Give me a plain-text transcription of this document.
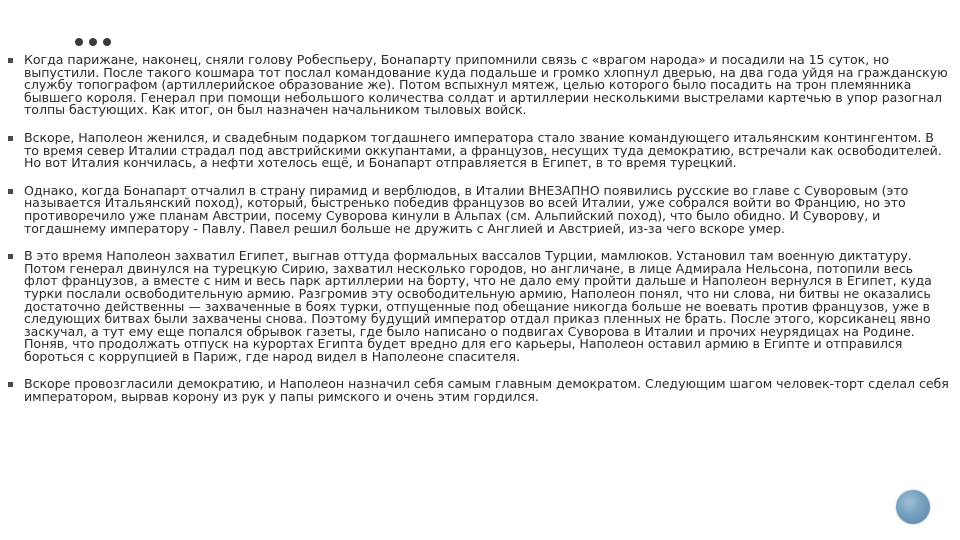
Когда парижане, наконец, сняли голову Робеспьеру, Бонапарту припомнили связь с «врагом народа» и посадили на 15 суток, но выпустили. После такого кошмара тот послал командование куда подальше и громко хлопнул дверью, на два года уйдя на гражданскую службу топографом (артиллерийское образование же). Потом вспыхнул мятеж, целью которого было посадить на трон племянника бывшего короля. Генерал при помощи небольшого количества солдат и артиллерии несколькими выстрелами картечью в упор разогнал толпы бастующих. Как итог, он был назначен начальником тыловых войск.
Вскоре, Наполеон женился, и свадебным подарком тогдашнего императора стало звание командующего итальянским контингентом. В то время север Италии страдал под австрийскими оккупантами, а французов, несущих туда демократию, встречали как освободителей. Но вот Италия кончилась, а нефти хотелось ещё, и Бонапарт отправляется в Египет, в то время турецкий.
Однако, когда Бонапарт отчалил в страну пирамид и верблюдов, в Италии ВНЕЗАПНО появились русские во главе с Суворовым (это называется Итальянский поход), который, быстренько победив французов во всей Италии, уже собрался войти во Францию, но это противоречило уже планам Австрии, посему Суворова кинули в Альпах (см. Альпийский поход), что было обидно. И Суворову, и тогдашнему императору - Павлу. Павел решил больше не дружить с Англией и Австрией, из-за чего вскоре умер.
В это время Наполеон захватил Египет, выгнав оттуда формальных вассалов Турции, мамлюков. Установил там военную диктатуру. Потом генерал двинулся на турецкую Сирию, захватил несколько городов, но англичане, в лице Адмирала Нельсона, потопили весь флот французов, а вместе с ним и весь парк артиллерии на борту, что не дало ему пройти дальше и Наполеон вернулся в Египет, куда турки послали освободительную армию. Разгромив эту освободительную армию, Наполеон понял, что ни слова, ни битвы не оказались достаточно действенны — захваченные в боях турки, отпущенные под обещание никогда больше не воевать против французов, уже в следующих битвах были захвачены снова. Поэтому будущий император отдал приказ пленных не брать. После этого, корсиканец явно заскучал, а тут ему еще попался обрывок газеты, где было написано о подвигах Суворова в Италии и прочих неурядицах на Родине. Поняв, что продолжать отпуск на курортах Египта будет вредно для его карьеры, Наполеон оставил армию в Египте и отправился бороться с коррупцией в Париж, где народ видел в Наполеоне спасителя.
Вскоре провозгласили демократию, и Наполеон назначил себя самым главным демократом. Следующим шагом человек-торт сделал себя императором, вырвав корону из рук у папы римского и очень этим гордился.
